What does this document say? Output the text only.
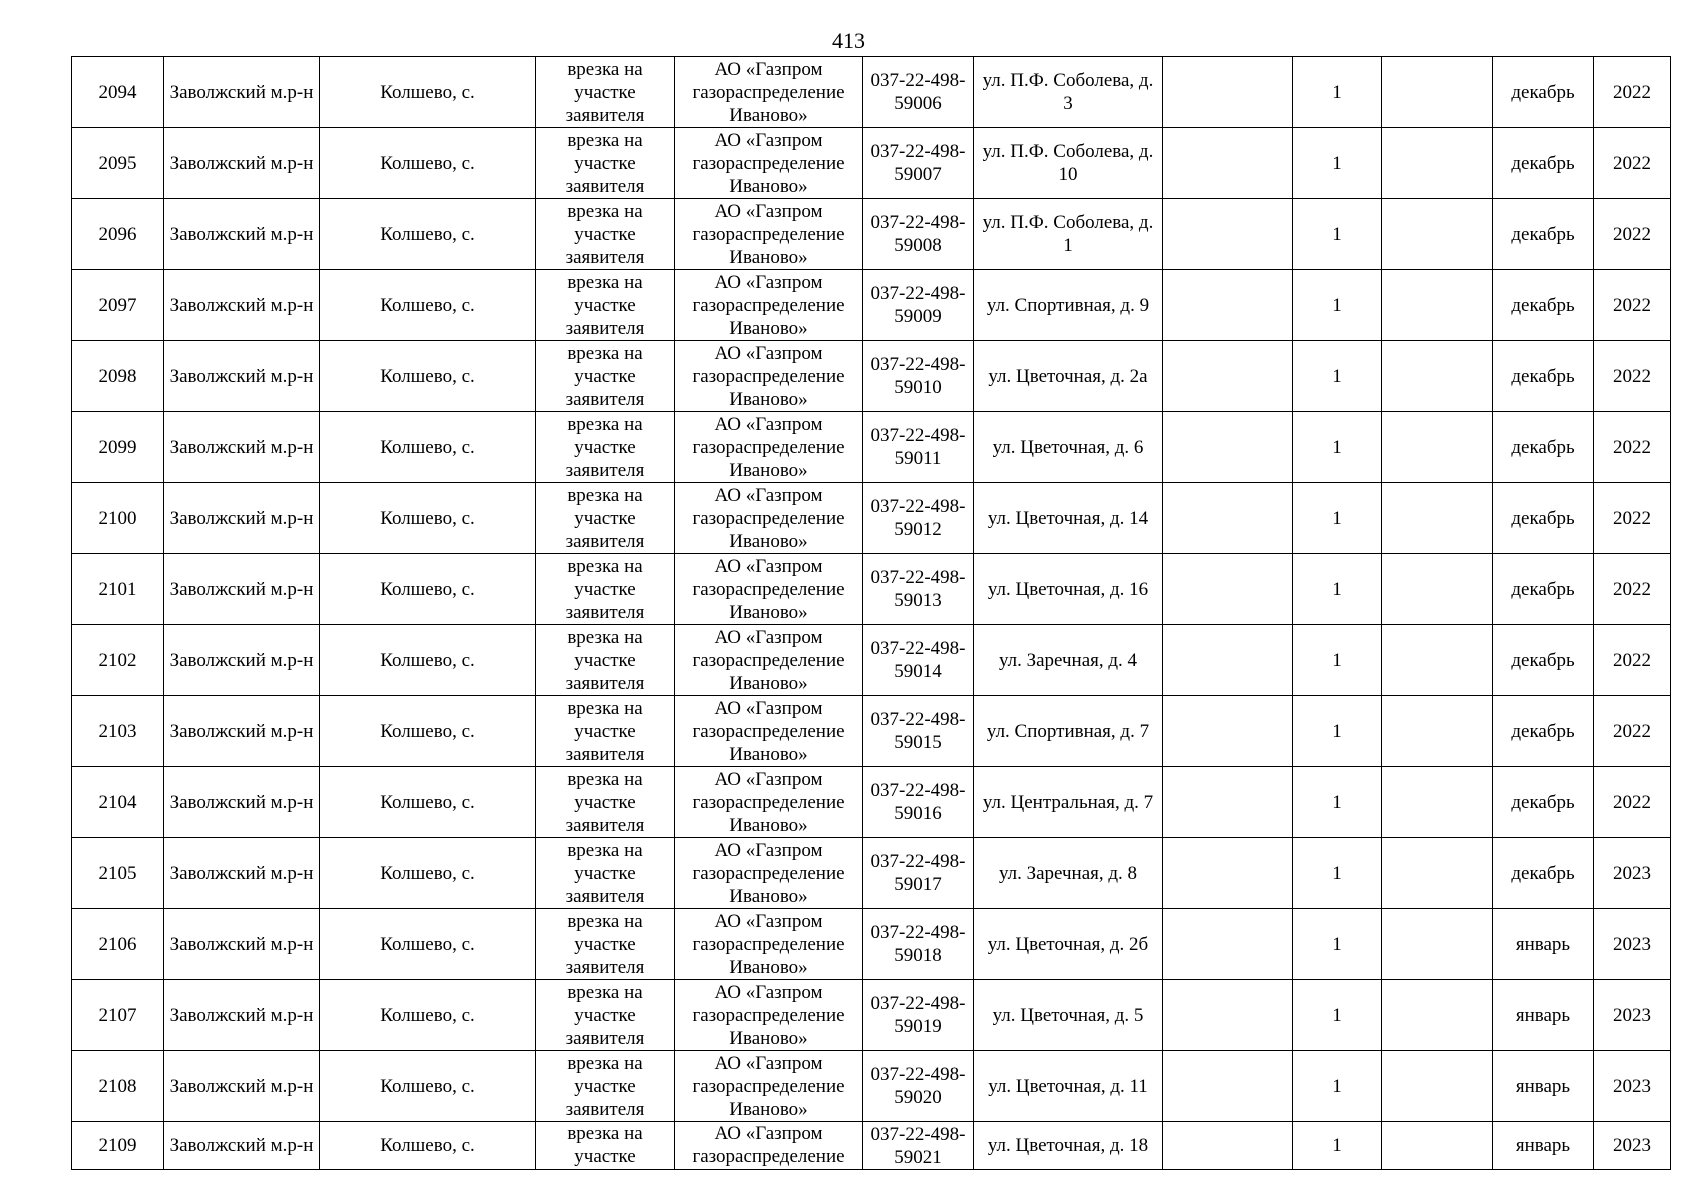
413
2094	Заволжский м.р-н	Колшево, с.	врезка на участке заявителя	АО «Газпром газораспределение Иваново»	037-22-498-59006	ул. П.Ф. Соболева, д. 3		1		декабрь	2022
2095	Заволжский м.р-н	Колшево, с.	врезка на участке заявителя	АО «Газпром газораспределение Иваново»	037-22-498-59007	ул. П.Ф. Соболева, д. 10		1		декабрь	2022
2096	Заволжский м.р-н	Колшево, с.	врезка на участке заявителя	АО «Газпром газораспределение Иваново»	037-22-498-59008	ул. П.Ф. Соболева, д. 1		1		декабрь	2022
2097	Заволжский м.р-н	Колшево, с.	врезка на участке заявителя	АО «Газпром газораспределение Иваново»	037-22-498-59009	ул. Спортивная, д. 9		1		декабрь	2022
2098	Заволжский м.р-н	Колшево, с.	врезка на участке заявителя	АО «Газпром газораспределение Иваново»	037-22-498-59010	ул. Цветочная, д. 2а		1		декабрь	2022
2099	Заволжский м.р-н	Колшево, с.	врезка на участке заявителя	АО «Газпром газораспределение Иваново»	037-22-498-59011	ул. Цветочная, д. 6		1		декабрь	2022
2100	Заволжский м.р-н	Колшево, с.	врезка на участке заявителя	АО «Газпром газораспределение Иваново»	037-22-498-59012	ул. Цветочная, д. 14		1		декабрь	2022
2101	Заволжский м.р-н	Колшево, с.	врезка на участке заявителя	АО «Газпром газораспределение Иваново»	037-22-498-59013	ул. Цветочная, д. 16		1		декабрь	2022
2102	Заволжский м.р-н	Колшево, с.	врезка на участке заявителя	АО «Газпром газораспределение Иваново»	037-22-498-59014	ул. Заречная, д. 4		1		декабрь	2022
2103	Заволжский м.р-н	Колшево, с.	врезка на участке заявителя	АО «Газпром газораспределение Иваново»	037-22-498-59015	ул. Спортивная, д. 7		1		декабрь	2022
2104	Заволжский м.р-н	Колшево, с.	врезка на участке заявителя	АО «Газпром газораспределение Иваново»	037-22-498-59016	ул. Центральная, д. 7		1		декабрь	2022
2105	Заволжский м.р-н	Колшево, с.	врезка на участке заявителя	АО «Газпром газораспределение Иваново»	037-22-498-59017	ул. Заречная, д. 8		1		декабрь	2023
2106	Заволжский м.р-н	Колшево, с.	врезка на участке заявителя	АО «Газпром газораспределение Иваново»	037-22-498-59018	ул. Цветочная, д. 2б		1		январь	2023
2107	Заволжский м.р-н	Колшево, с.	врезка на участке заявителя	АО «Газпром газораспределение Иваново»	037-22-498-59019	ул. Цветочная, д. 5		1		январь	2023
2108	Заволжский м.р-н	Колшево, с.	врезка на участке заявителя	АО «Газпром газораспределение Иваново»	037-22-498-59020	ул. Цветочная, д. 11		1		январь	2023
2109	Заволжский м.р-н	Колшево, с.	врезка на участке	АО «Газпром газораспределение	037-22-498-59021	ул. Цветочная, д. 18		1		январь	2023
